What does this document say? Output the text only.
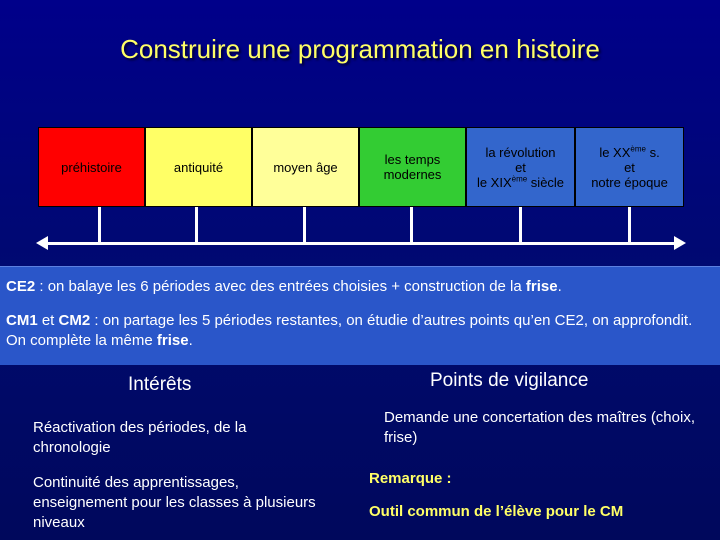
Construire une programmation en histoire
préhistoire	antiquité	moyen âge	les temps modernes
la révolution
et
le XIXème siècle
le XXème s.
et
notre époque
CE2 : on balaye les 6 périodes avec des entrées choisies + construction de la frise.
CM1 et CM2 : on partage les 5 périodes restantes, on étudie d’autres points qu’en CE2, on approfondit. On complète la même frise.
Intérêts
Réactivation des périodes, de la chronologie
Continuité des apprentissages, enseignement pour les classes à plusieurs niveaux
Points de vigilance
Demande une concertation des maîtres (choix, frise)
Remarque :
Outil commun de l’élève pour le CM
